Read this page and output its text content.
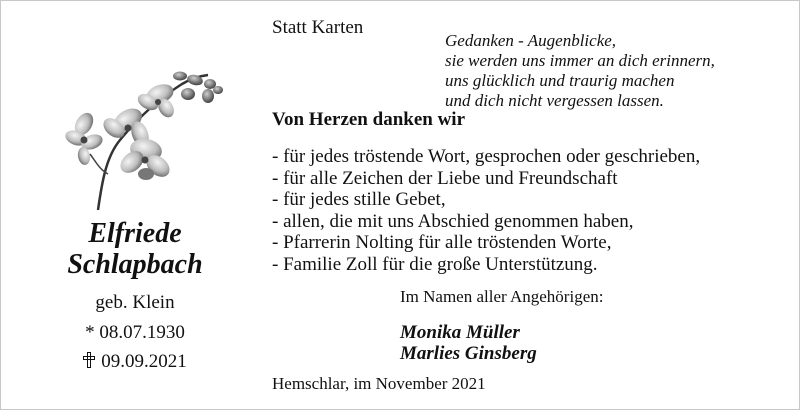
Elfriede
Schlapbach
geb. Klein
* 08.07.1930
09.09.2021
Statt Karten
Gedanken - Augenblicke,
sie werden uns immer an dich erinnern,
uns glücklich und traurig machen
und dich nicht vergessen lassen.
Von Herzen danken wir
- für jedes tröstende Wort, gesprochen oder geschrieben,
- für alle Zeichen der Liebe und Freundschaft
- für jedes stille Gebet,
- allen, die mit uns Abschied genommen haben,
- Pfarrerin Nolting für alle tröstenden Worte,
- Familie Zoll für die große Unterstützung.
Im Namen aller Angehörigen:
Monika Müller
Marlies Ginsberg
Hemschlar, im November 2021
